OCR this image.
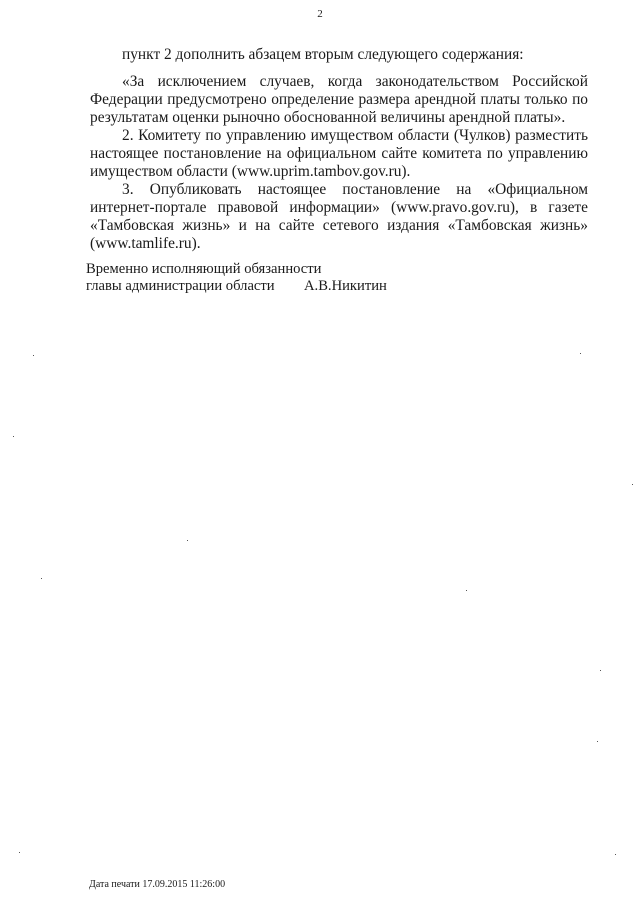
2

пункт 2 дополнить абзацем вторым следующего содержания:

«За исключением случаев, когда законодательством Российской Федерации предусмотрено определение размера арендной платы только по результатам оценки рыночно обоснованной величины арендной платы».

2. Комитету по управлению имуществом области (Чулков) разместить настоящее постановление на официальном сайте комитета по управлению имуществом области (www.uprim.tambov.gov.ru).

3. Опубликовать настоящее постановление на «Официальном интернет-портале правовой информации» (www.pravo.gov.ru), в газете «Тамбовская жизнь» и на сайте сетевого издания «Тамбовская жизнь» (www.tamlife.ru).

Временно исполняющий обязанности
главы администрации области А.В.Никитин
Дата печати 17.09.2015 11:26:00
